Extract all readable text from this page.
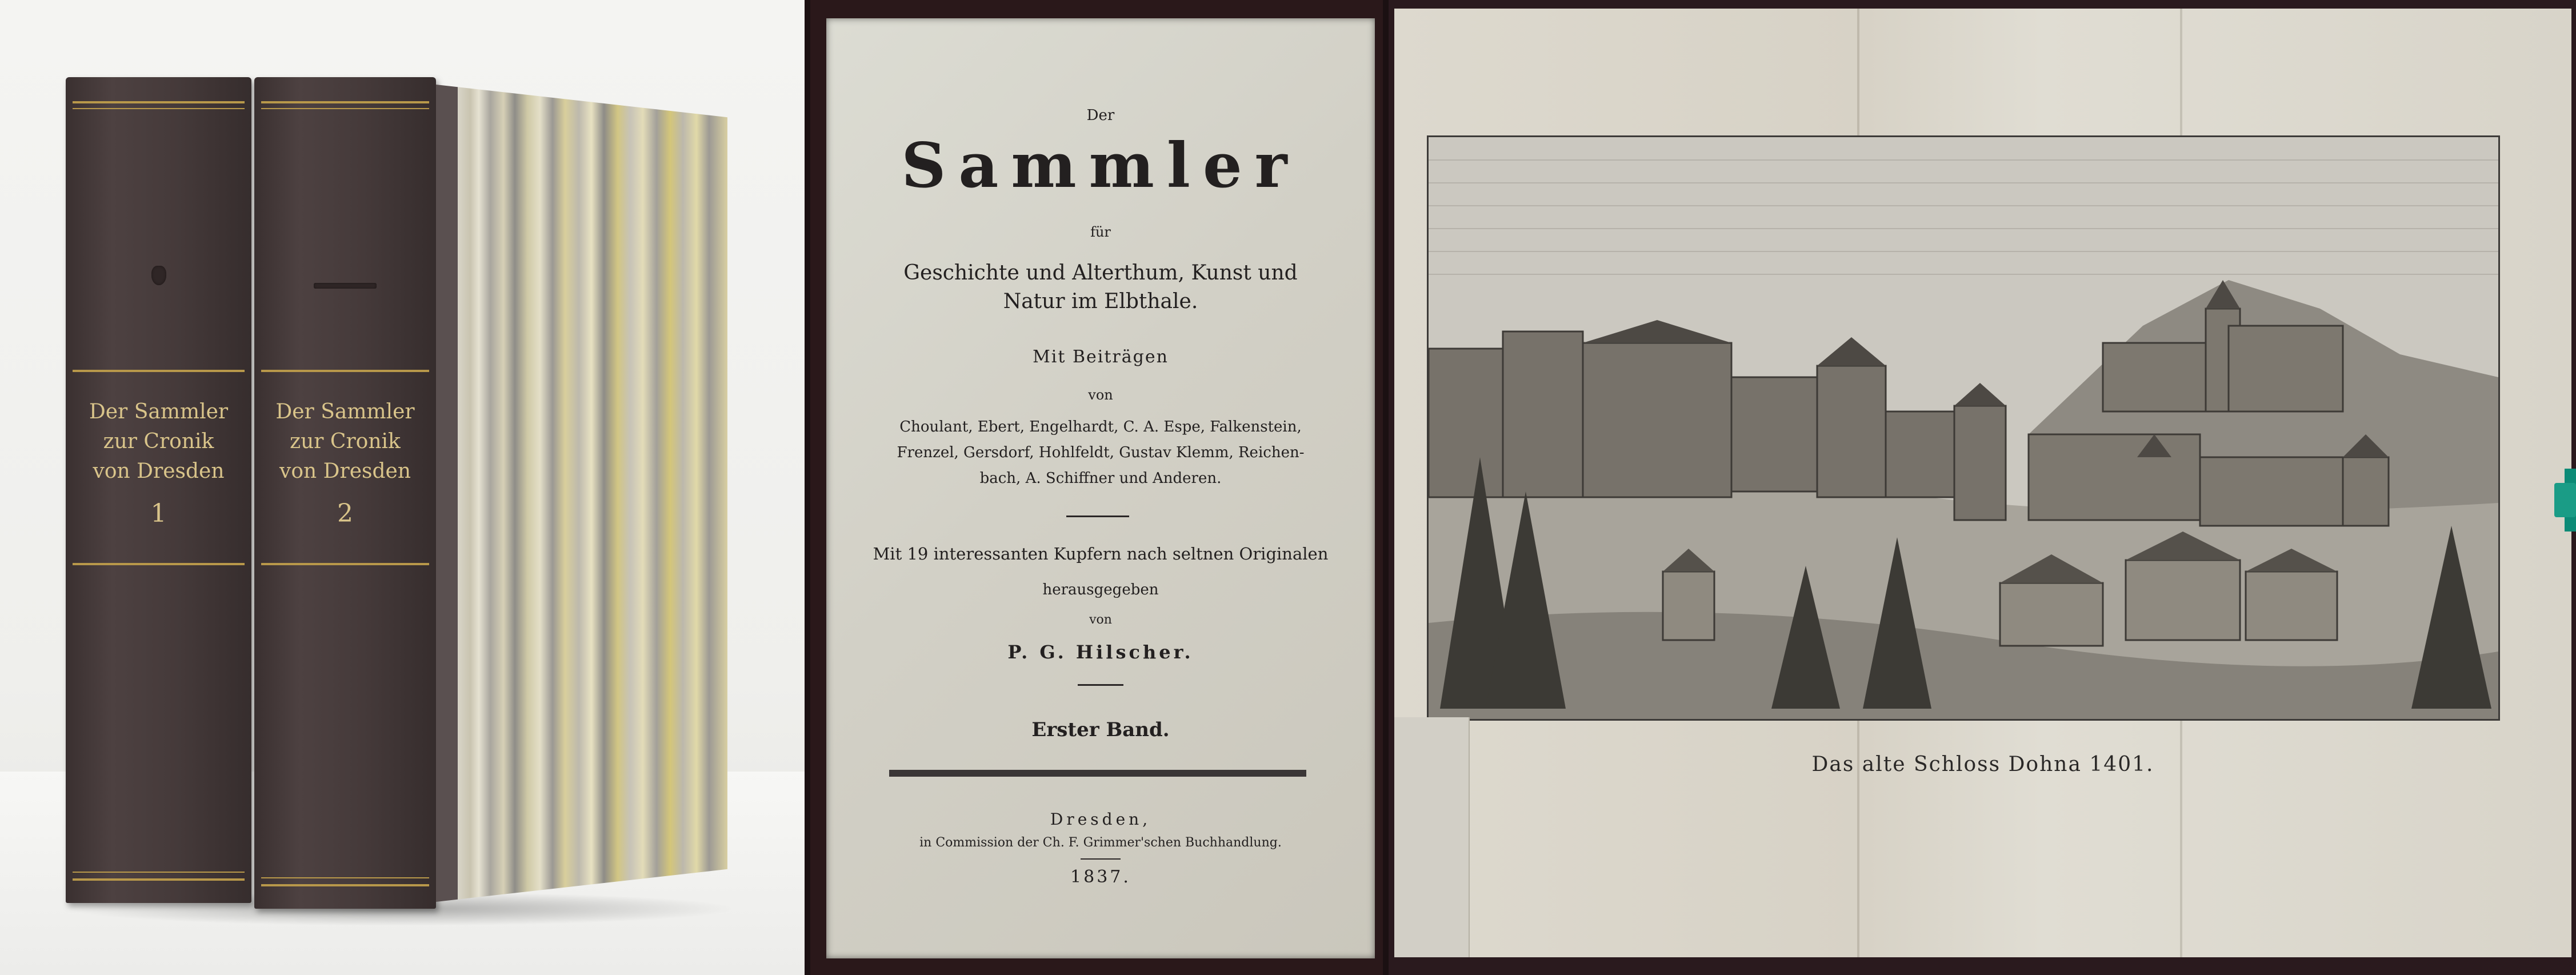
Der Sammler
zur Cronik
von Dresden
1
Der Sammler
zur Cronik
von Dresden
2
Der
Sammler
für
Geschichte und Alterthum, Kunst und
Natur im Elbthale.
Mit Beiträgen
von
Choulant, Ebert, Engelhardt, C. A. Espe, Falkenstein,
Frenzel, Gersdorf, Hohlfeldt, Gustav Klemm, Reichen-
bach, A. Schiffner und Anderen.
Mit 19 interessanten Kupfern nach seltnen Originalen
herausgegeben
von
P. G. Hilscher.
Erster Band.
Dresden,
in Commission der Ch. F. Grimmer'schen Buchhandlung.
1837.
Das alte Schloss Dohna 1401.
